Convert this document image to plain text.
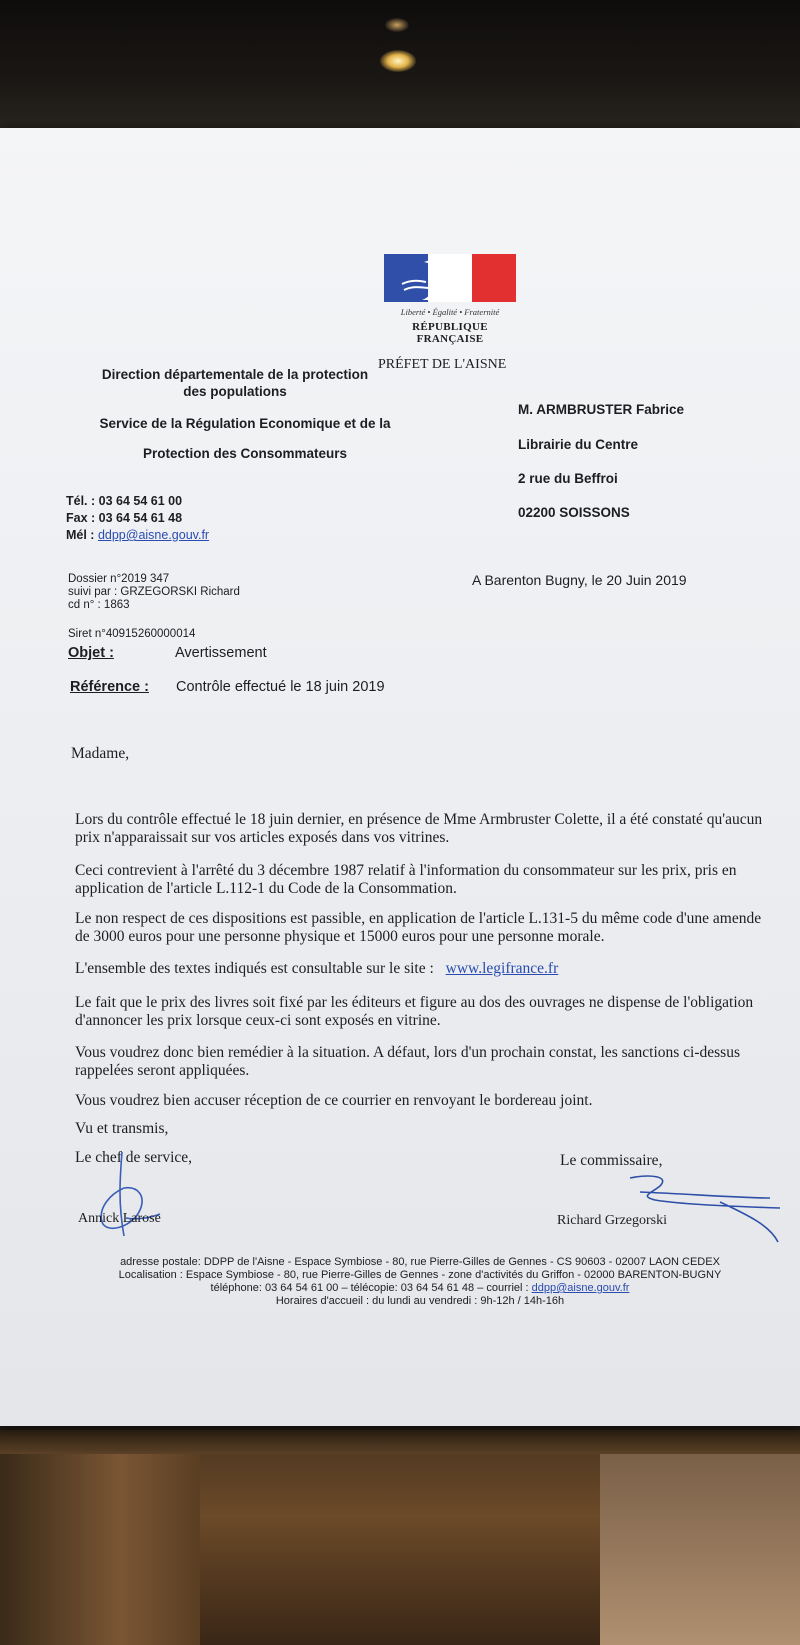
Liberté • Égalité • Fraternité
RÉPUBLIQUE FRANÇAISE
PRÉFET DE L'AISNE
Direction départementale de la protection
des populations
Service de la Régulation Economique et de la
Protection des Consommateurs
Tél. : 03 64 54 61 00
Fax : 03 64 54 61 48
Mél : ddpp@aisne.gouv.fr
M. ARMBRUSTER Fabrice
Librairie du Centre
2 rue du Beffroi
02200 SOISSONS
Dossier n°2019 347
suivi par : GRZEGORSKI Richard
cd n° : 1863
A Barenton Bugny, le 20 Juin 2019
Siret n°40915260000014
Objet :	Avertissement
Référence : Contrôle effectué le 18 juin 2019
Madame,
Lors du contrôle effectué le 18 juin dernier, en présence de Mme Armbruster Colette, il a été constaté qu'aucun prix n'apparaissait sur vos articles exposés dans vos vitrines.
Ceci contrevient à l'arrêté du 3 décembre 1987 relatif à l'information du consommateur sur les prix, pris en application de l'article L.112-1 du Code de la Consommation.
Le non respect de ces dispositions est passible, en application de l'article L.131-5 du même code d'une amende de 3000 euros pour une personne physique et 15000 euros pour une personne morale.
L'ensemble des textes indiqués est consultable sur le site : www.legifrance.fr
Le fait que le prix des livres soit fixé par les éditeurs et figure au dos des ouvrages ne dispense de l'obligation d'annoncer les prix lorsque ceux-ci sont exposés en vitrine.
Vous voudrez donc bien remédier à la situation. A défaut, lors d'un prochain constat, les sanctions ci-dessus rappelées seront appliquées.
Vous voudrez bien accuser réception de ce courrier en renvoyant le bordereau joint.
Vu et transmis,
Le chef de service,	Le commissaire,
Annick Larose	Richard Grzegorski
adresse postale: DDPP de l'Aisne - Espace Symbiose - 80, rue Pierre-Gilles de Gennes - CS 90603 - 02007 LAON CEDEX
Localisation : Espace Symbiose - 80, rue Pierre-Gilles de Gennes - zone d'activités du Griffon - 02000 BARENTON-BUGNY
téléphone: 03 64 54 61 00 – télécopie: 03 64 54 61 48 – courriel : ddpp@aisne.gouv.fr
Horaires d'accueil : du lundi au vendredi : 9h-12h / 14h-16h
